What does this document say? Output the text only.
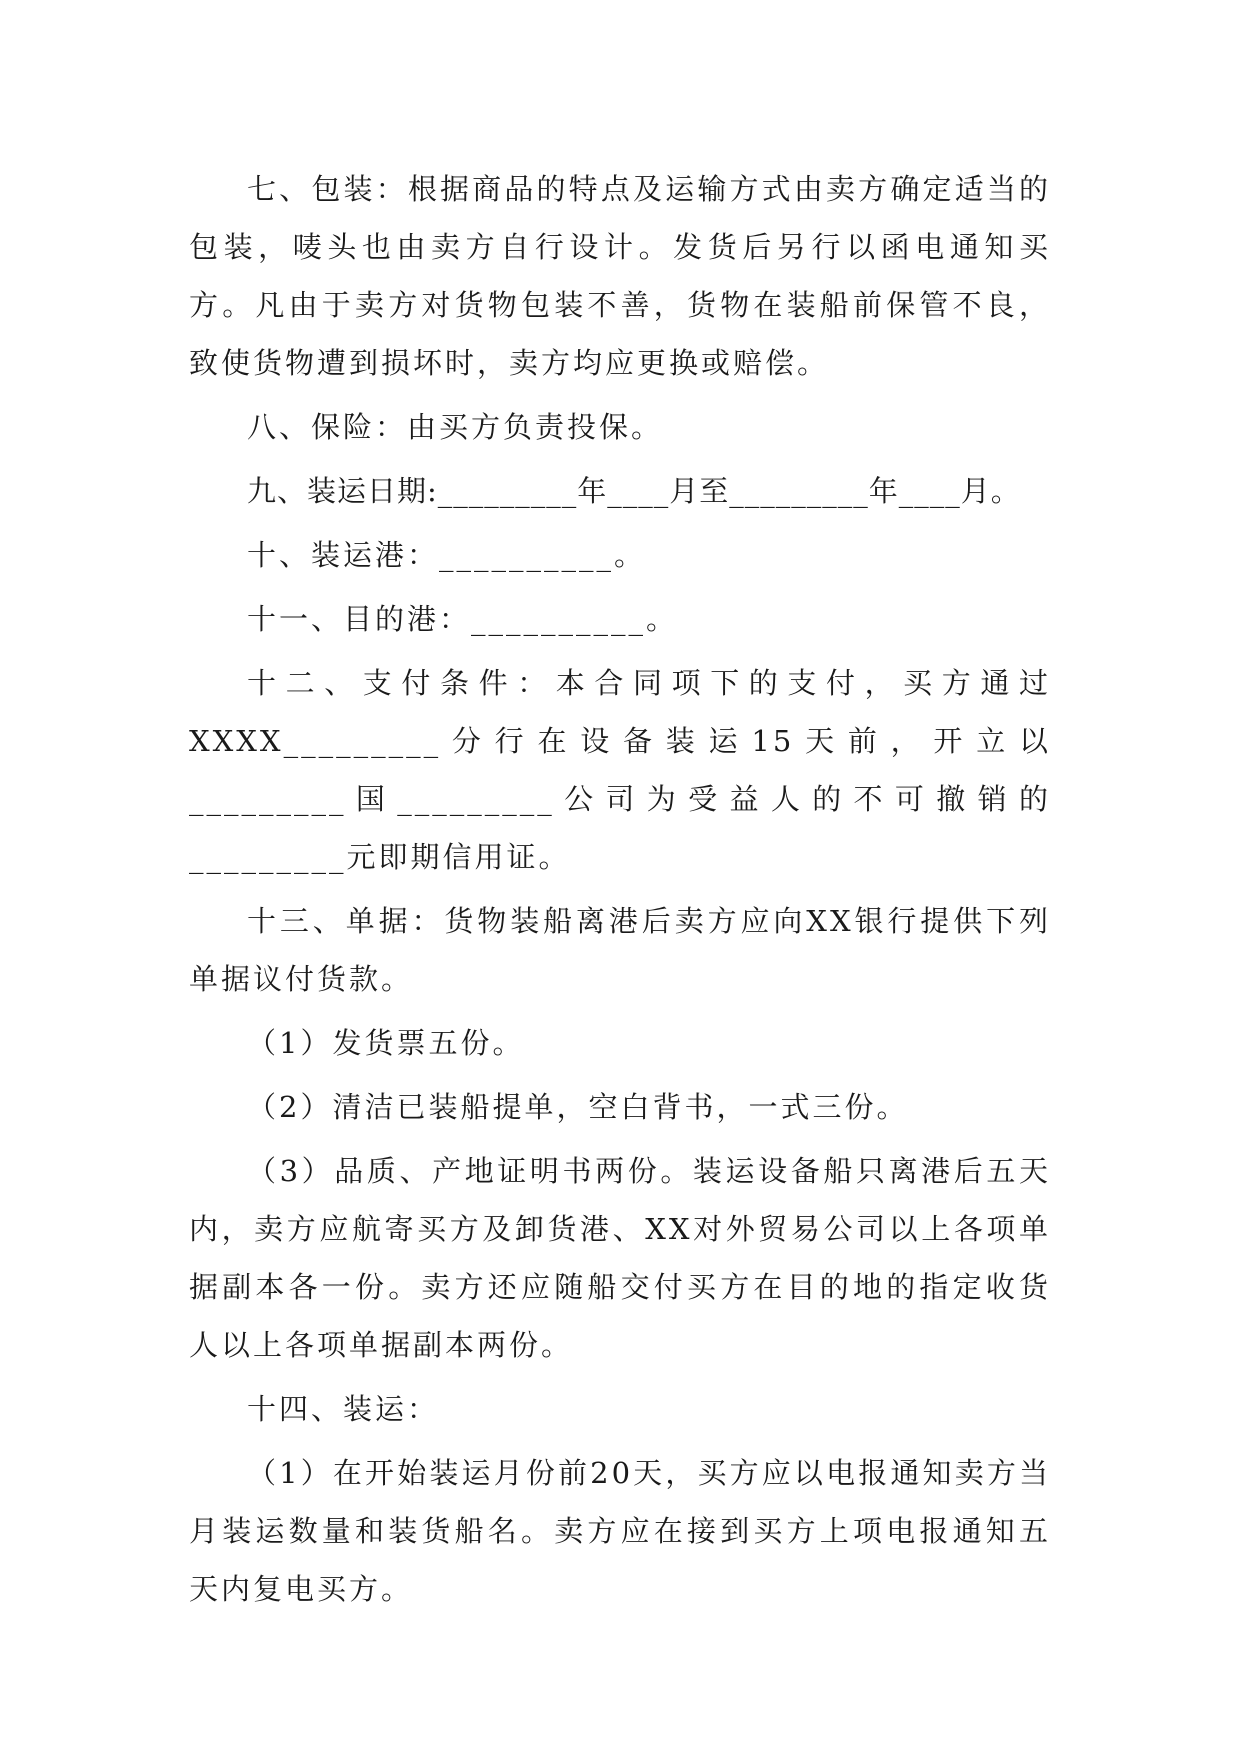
七、包装：根据商品的特点及运输方式由卖方确定适当的包装，唛头也由卖方自行设计。发货后另行以函电通知买方。凡由于卖方对货物包装不善，货物在装船前保管不良，致使货物遭到损坏时，卖方均应更换或赔偿。

八、保险：由买方负责投保。

九、装运日期:_________年____月至_________年____月。

十、装运港：__________。

十一、目的港：__________。

十二、支付条件：本合同项下的支付，买方通过XXXX_________分行在设备装运15天前，开立以_________国_________公司为受益人的不可撤销的_________元即期信用证。

十三、单据：货物装船离港后卖方应向XX银行提供下列单据议付货款。

（1）发货票五份。

（2）清洁已装船提单，空白背书，一式三份。

（3）品质、产地证明书两份。装运设备船只离港后五天内，卖方应航寄买方及卸货港、XX对外贸易公司以上各项单据副本各一份。卖方还应随船交付买方在目的地的指定收货人以上各项单据副本两份。

十四、装运：

（1）在开始装运月份前20天，买方应以电报通知卖方当月装运数量和装货船名。卖方应在接到买方上项电报通知五天内复电买方。
